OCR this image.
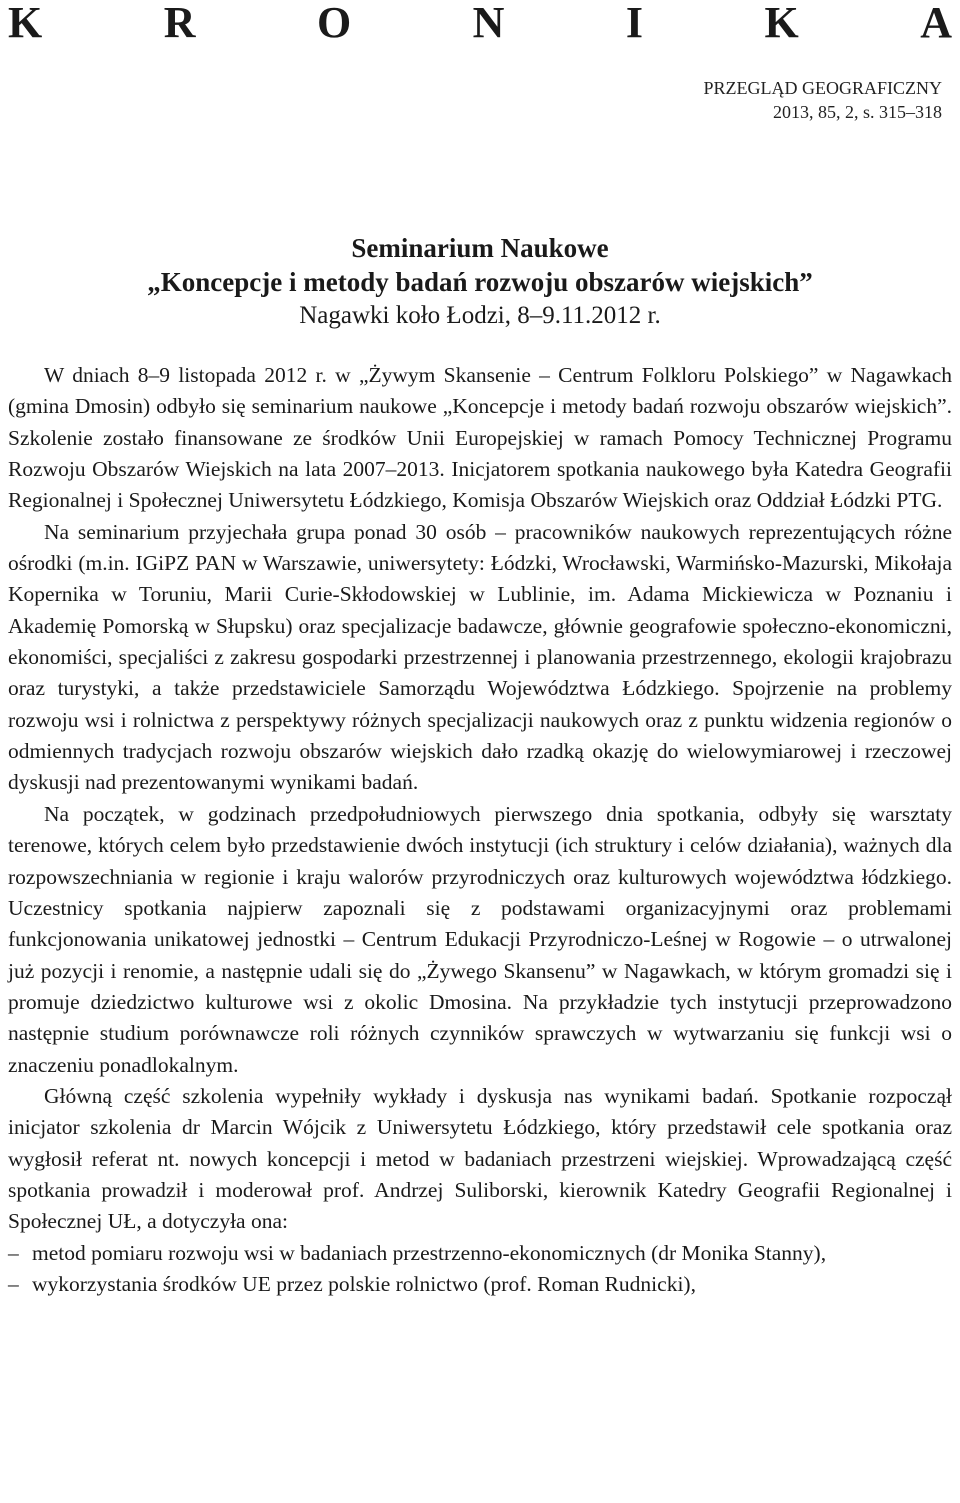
K	R	O	N	I	K	A
PRZEGLĄD GEOGRAFICZNY
2013, 85, 2, s. 315–318
Seminarium Naukowe
„Koncepcje i metody badań rozwoju obszarów wiejskich”
Nagawki koło Łodzi, 8–9.11.2012 r.

W dniach 8–9 listopada 2012 r. w „Żywym Skansenie – Centrum Folkloru Polskiego” w Nagawkach (gmina Dmosin) odbyło się seminarium naukowe „Koncepcje i metody badań rozwoju obszarów wiejskich”. Szkolenie zostało finansowane ze środków Unii Europejskiej w ramach Pomocy Technicznej Programu Rozwoju Obszarów Wiejskich na lata 2007–2013. Inicjatorem spotkania naukowego była Katedra Geografii Regionalnej i Społecznej Uniwersytetu Łódzkiego, Komisja Obszarów Wiejskich oraz Oddział Łódzki PTG.

Na seminarium przyjechała grupa ponad 30 osób – pracowników naukowych reprezentujących różne ośrodki (m.in. IGiPZ PAN w Warszawie, uniwersytety: Łódzki, Wrocławski, Warmińsko-Mazurski, Mikołaja Kopernika w Toruniu, Marii Curie-Skłodowskiej w Lublinie, im. Adama Mickiewicza w Poznaniu i Akademię Pomorską w Słupsku) oraz specjalizacje badawcze, głównie geografowie społeczno-ekonomiczni, ekonomiści, specjaliści z zakresu gospodarki przestrzennej i planowania przestrzennego, ekologii krajobrazu oraz turystyki, a także przedstawiciele Samorządu Województwa Łódzkiego. Spojrzenie na problemy rozwoju wsi i rolnictwa z perspektywy różnych specjalizacji naukowych oraz z punktu widzenia regionów o odmiennych tradycjach rozwoju obszarów wiejskich dało rzadką okazję do wielowymiarowej i rzeczowej dyskusji nad prezentowanymi wynikami badań.

Na początek, w godzinach przedpołudniowych pierwszego dnia spotkania, odbyły się warsztaty terenowe, których celem było przedstawienie dwóch instytucji (ich struktury i celów działania), ważnych dla rozpowszechniania w regionie i kraju walorów przyrodniczych oraz kulturowych województwa łódzkiego. Uczestnicy spotkania najpierw zapoznali się z podstawami organizacyjnymi oraz problemami funkcjonowania unikatowej jednostki – Centrum Edukacji Przyrodniczo-Leśnej w Rogowie – o utrwalonej już pozycji i renomie, a następnie udali się do „Żywego Skansenu” w Nagawkach, w którym gromadzi się i promuje dziedzictwo kulturowe wsi z okolic Dmosina. Na przykładzie tych instytucji przeprowadzono następnie studium porównawcze roli różnych czynników sprawczych w wytwarzaniu się funkcji wsi o znaczeniu ponadlokalnym.

Główną część szkolenia wypełniły wykłady i dyskusja nas wynikami badań. Spotkanie rozpoczął inicjator szkolenia dr Marcin Wójcik z Uniwersytetu Łódzkiego, który przedstawił cele spotkania oraz wygłosił referat nt. nowych koncepcji i metod w badaniach przestrzeni wiejskiej. Wprowadzającą część spotkania prowadził i moderował prof. Andrzej Suliborski, kierownik Katedry Geografii Regionalnej i Społecznej UŁ, a dotyczyła ona:

– metod pomiaru rozwoju wsi w badaniach przestrzenno-ekonomicznych (dr Monika Stanny),
– wykorzystania środków UE przez polskie rolnictwo (prof. Roman Rudnicki),
